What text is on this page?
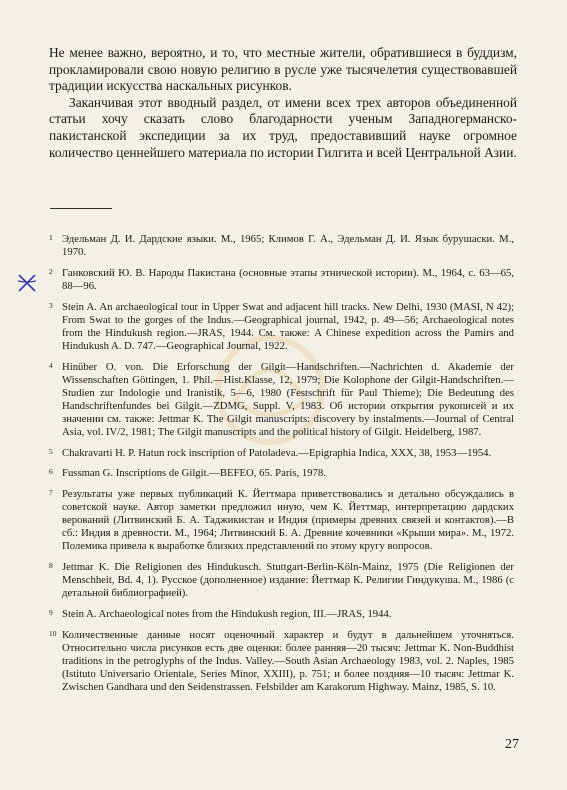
Не менее важно, вероятно, и то, что местные жители, обратившиеся в буддизм, прокламировали свою новую религию в русле уже тысячелетия существовавшей традиции искусства наскальных рисунков.

Заканчивая этот вводный раздел, от имени всех трех авторов объединенной статьи хочу сказать слово благодарности ученым Западногерманско-пакистанской экспедиции за их труд, предоставивший науке огромное количество ценнейшего материала по истории Гилгита и всей Центральной Азии.

1 Эдельман Д. И. Дардские языки. М., 1965; Климов Г. А., Эдельман Д. И. Язык бурушаски. М., 1970.
2 Ганковский Ю. В. Народы Пакистана (основные этапы этнической истории). М., 1964, с. 63—65, 88—96.
3 Stein A. An archaeological tour in Upper Swat and adjacent hill tracks. New Delhi, 1930 (MASI, N 42); From Swat to the gorges of the Indus.—Geographical journal, 1942, p. 49—56; Archaeological notes from the Hindukush region.—JRAS, 1944. См. также: A Chinese expedition across the Pamirs and Hindukush A. D. 747.—Geographical Journal, 1922.
4 Hinüber O. von. Die Erforschung der Gilgit—Handschriften.—Nachrichten d. Akademie der Wissenschaften Göttingen, 1. Phil.—Hist.Klasse, 12, 1979; Die Kolophone der Gilgit-Handschriften.—Studien zur Indologie und Iranistik, 5—6, 1980 (Festschrift für Paul Thieme); Die Bedeutung des Handschriftenfundes bei Gilgit.—ZDMG, Suppl. V, 1983. Об истории открытия рукописей и их значении см. также: Jettmar K. The Gilgit manuscripts: discovery by instalments.—Journal of Central Asia, vol. IV/2, 1981; The Gilgit manuscripts and the political history of Gilgit. Heidelberg, 1987.
5 Chakravarti H. P. Hatun rock inscription of Patoladeva.—Epigraphia Indica, XXX, 38, 1953—1954.
6 Fussman G. Inscriptions de Gilgit.—BEFEO, 65. Paris, 1978.
7 Результаты уже первых публикаций К. Йеттмара приветствовались и детально обсуждались в советской науке. Автор заметки предложил иную, чем К. Йеттмар, интерпретацию дардских верований (Литвинский Б. А. Таджикистан и Индия (примеры древних связей и контактов).—В сб.: Индия в древности. М., 1964; Литвинский Б. А. Древние кочевники «Крыши мира». М., 1972. Полемика привела к выработке близких представлений по этому кругу вопросов.
8 Jettmar K. Die Religionen des Hindukusch. Stuttgart-Berlin-Köln-Mainz, 1975 (Die Religionen der Menschheit, Bd. 4, 1). Русское (дополненное) издание: Йеттмар К. Религии Гиндукуша. М., 1986 (с детальной библиографией).
9 Stein A. Archaeological notes from the Hindukush region, III.—JRAS, 1944.
10 Количественные данные носят оценочный характер и будут в дальнейшем уточняться. Относительно числа рисунков есть две оценки: более ранняя—20 тысяч: Jettmar K. Non-Buddhist traditions in the petroglyphs of the Indus. Valley.—South Asian Archaeology 1983, vol. 2. Naples, 1985 (Istituto Universario Orientale, Series Minor, XXIII), p. 751; и более поздняя—10 тысяч: Jettmar K. Zwischen Gandhara und den Seidenstrassen. Felsbilder am Karakorum Highway. Mainz, 1985, S. 10.
27
